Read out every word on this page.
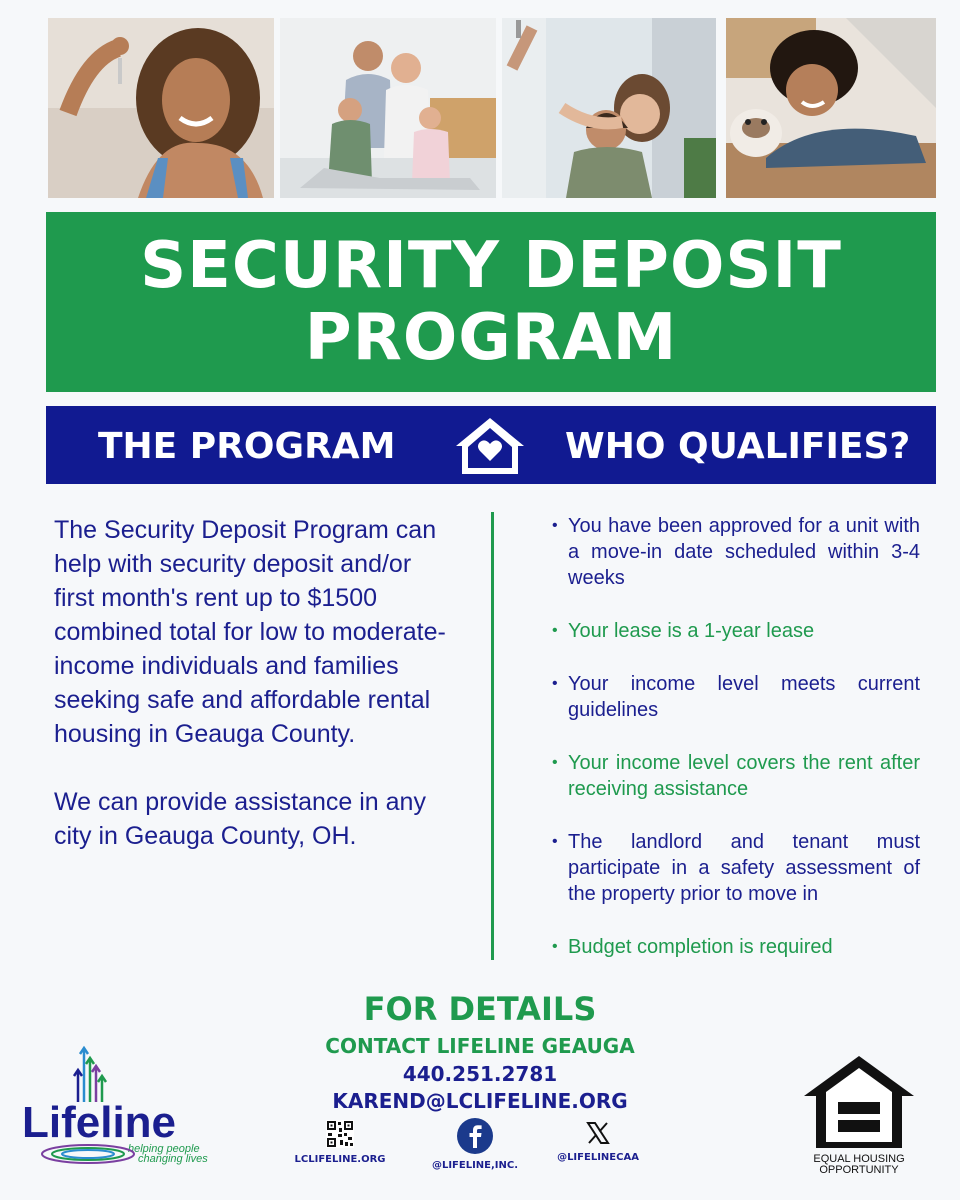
SECURITY DEPOSIT
PROGRAM
THE PROGRAM	WHO QUALIFIES?

The Security Deposit Program can help with security deposit and/or first month's rent up to $1500 combined total for low to moderate-income individuals and families seeking safe and affordable rental housing in Geauga County.

We can provide assistance in any city in Geauga County, OH.

• You have been approved for a unit with a move-in date scheduled within 3-4 weeks
• Your lease is a 1-year lease
• Your income level meets current guidelines
• Your income level covers the rent after receiving assistance
• The landlord and tenant must participate in a safety assessment of the property prior to move in
• Budget completion is required
FOR DETAILS
CONTACT LIFELINE GEAUGA
440.251.2781
KAREND@LCLIFELINE.ORG
LCLIFELINE.ORG
@LIFELINE,INC.
@LIFELINECAA
Lifeline
helping people
changing lives	EQUAL HOUSING
OPPORTUNITY
